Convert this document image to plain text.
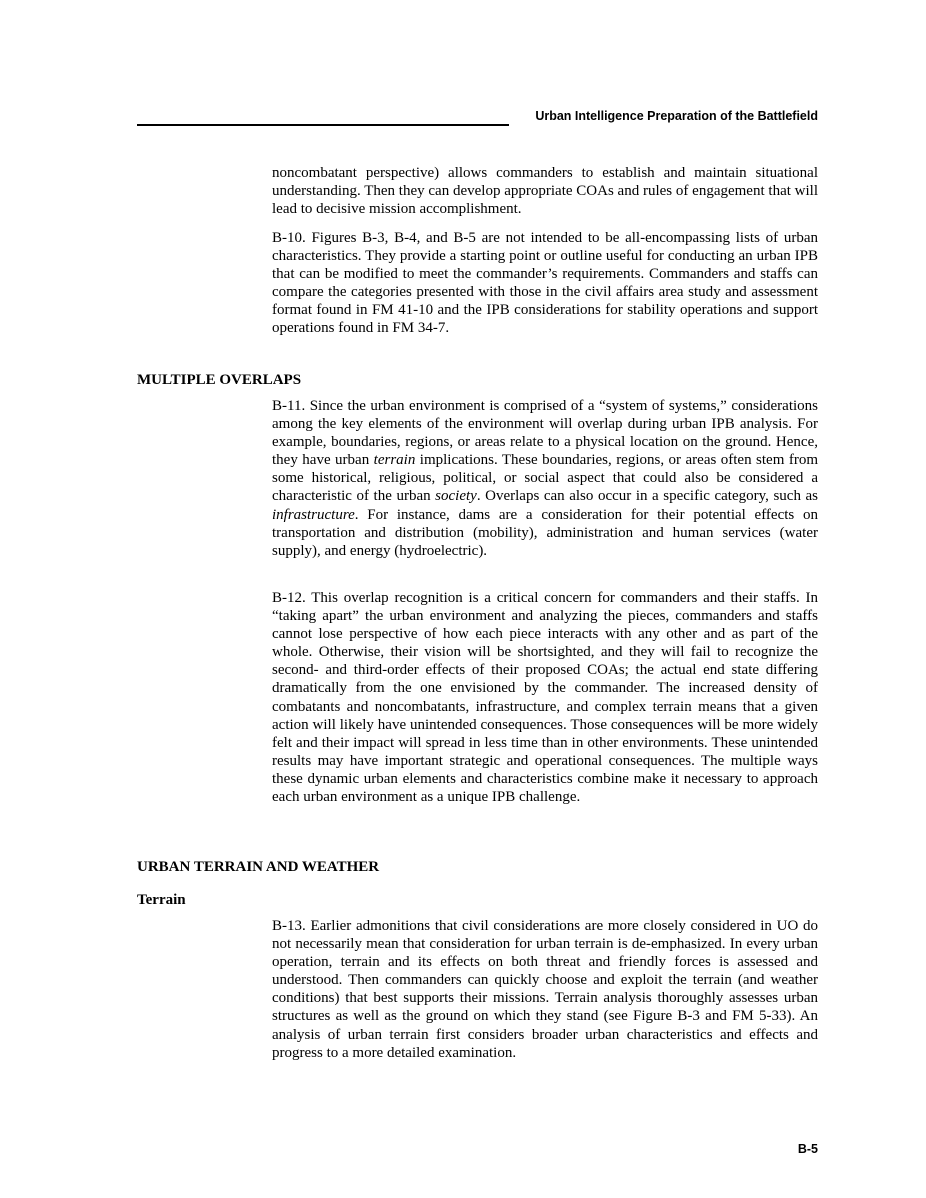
Urban Intelligence Preparation of the Battlefield

noncombatant perspective) allows commanders to establish and maintain situational understanding. Then they can develop appropriate COAs and rules of engagement that will lead to decisive mission accomplishment.

B-10. Figures B-3, B-4, and B-5 are not intended to be all-encompassing lists of urban characteristics. They provide a starting point or outline useful for conducting an urban IPB that can be modified to meet the commander’s requirements. Commanders and staffs can compare the categories presented with those in the civil affairs area study and assessment format found in FM 41-10 and the IPB considerations for stability operations and support operations found in FM 34-7.

MULTIPLE OVERLAPS

B-11. Since the urban environment is comprised of a “system of systems,” considerations among the key elements of the environment will overlap during urban IPB analysis. For example, boundaries, regions, or areas relate to a physical location on the ground. Hence, they have urban terrain implications. These boundaries, regions, or areas often stem from some historical, religious, political, or social aspect that could also be considered a characteristic of the urban society. Overlaps can also occur in a specific category, such as infrastructure. For instance, dams are a consideration for their potential effects on transportation and distribution (mobility), administration and human services (water supply), and energy (hydroelectric).

B-12. This overlap recognition is a critical concern for commanders and their staffs. In “taking apart” the urban environment and analyzing the pieces, commanders and staffs cannot lose perspective of how each piece interacts with any other and as part of the whole. Otherwise, their vision will be shortsighted, and they will fail to recognize the second- and third-order effects of their proposed COAs; the actual end state differing dramatically from the one envisioned by the commander. The increased density of combatants and noncombatants, infrastructure, and complex terrain means that a given action will likely have unintended consequences. Those consequences will be more widely felt and their impact will spread in less time than in other environments. These unintended results may have important strategic and operational consequences. The multiple ways these dynamic urban elements and characteristics combine make it necessary to approach each urban environment as a unique IPB challenge.

URBAN TERRAIN AND WEATHER
Terrain

B-13. Earlier admonitions that civil considerations are more closely considered in UO do not necessarily mean that consideration for urban terrain is de-emphasized. In every urban operation, terrain and its effects on both threat and friendly forces is assessed and understood. Then commanders can quickly choose and exploit the terrain (and weather conditions) that best supports their missions. Terrain analysis thoroughly assesses urban structures as well as the ground on which they stand (see Figure B-3 and FM 5-33). An analysis of urban terrain first considers broader urban characteristics and effects and progress to a more detailed examination.

B-5
